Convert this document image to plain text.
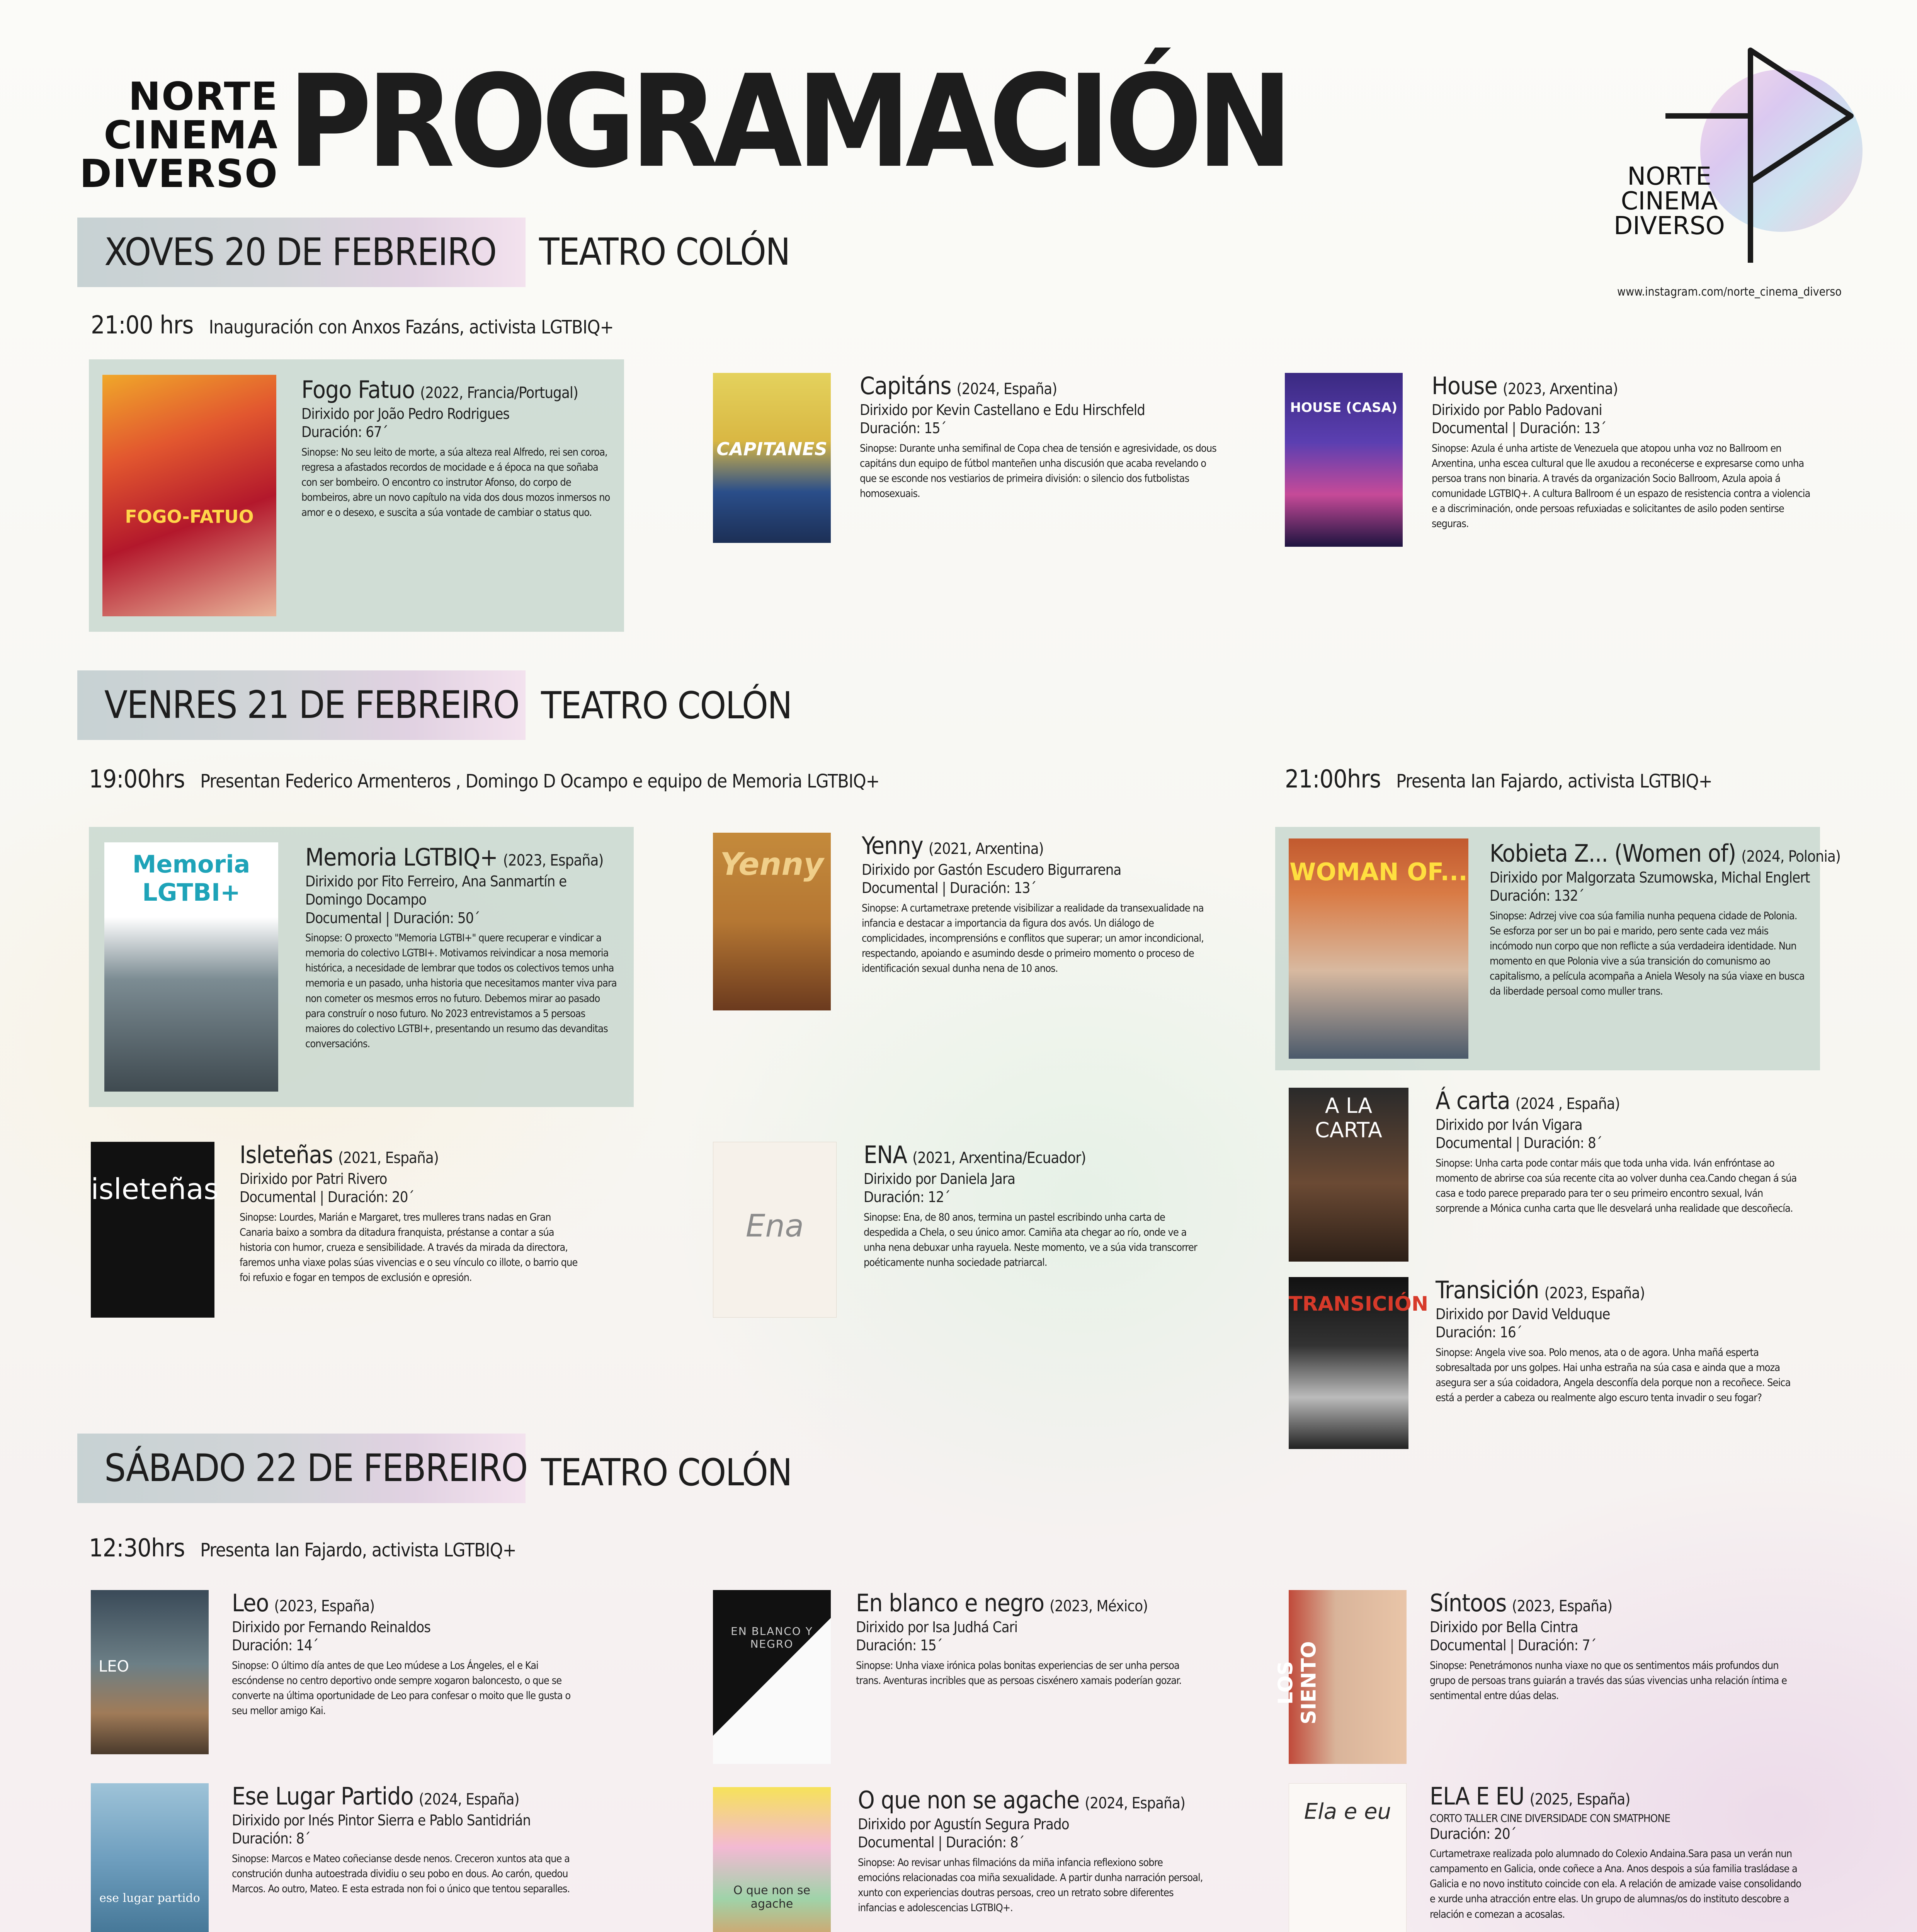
NORTE
CINEMA
DIVERSO PROGRAMACIÓN	NORTE
CINEMA
DIVERSO
www.instagram.com/norte_cinema_diverso
XOVES 20 DE FEBREIRO	TEATRO COLÓN
21:00 hrs Inauguración con Anxos Fazáns, activista LGTBIQ+
FOGO-FATUO
Fogo Fatuo (2022, Francia/Portugal)
Dirixido por João Pedro Rodrigues
Duración: 67´
Sinopse: No seu leito de morte, a súa alteza real Alfredo, rei sen coroa, regresa a afastados recordos de mocidade e á época na que soñaba con ser bombeiro. O encontro co instrutor Afonso, do corpo de bombeiros, abre un novo capítulo na vida dos dous mozos inmersos no amor e o desexo, e suscita a súa vontade de cambiar o status quo.
CAPITANES
Capitáns (2024, España)
Dirixido por Kevin Castellano e Edu Hirschfeld
Duración: 15´
Sinopse: Durante unha semifinal de Copa chea de tensión e agresividade, os dous capitáns dun equipo de fútbol manteñen unha discusión que acaba revelando o que se esconde nos vestiarios de primeira división: o silencio dos futbolistas homosexuais.
HOUSE (CASA)
House (2023, Arxentina)
Dirixido por Pablo Padovani
Documental | Duración: 13´
Sinopse: Azula é unha artiste de Venezuela que atopou unha voz no Ballroom en Arxentina, unha escea cultural que lle axudou a reconécerse e expresarse como unha persoa trans non binaria. A través da organización Socio Ballroom, Azula apoia á comunidade LGTBIQ+. A cultura Ballroom é un espazo de resistencia contra a violencia e a discriminación, onde persoas refuxiadas e solicitantes de asilo poden sentirse seguras.
VENRES 21 DE FEBREIRO TEATRO COLÓN
19:00hrs Presentan Federico Armenteros , Domingo D Ocampo e equipo de Memoria LGTBIQ+	21:00hrs Presenta Ian Fajardo, activista LGTBIQ+
Memoria LGTBI+
Memoria LGTBIQ+ (2023, España)
Dirixido por Fito Ferreiro, Ana Sanmartín e Domingo Docampo
Documental | Duración: 50´
Sinopse: O proxecto "Memoria LGTBI+" quere recuperar e vindicar a memoria do colectivo LGTBI+. Motivamos reivindicar a nosa memoria histórica, a necesidade de lembrar que todos os colectivos temos unha memoria e un pasado, unha historia que necesitamos manter viva para non cometer os mesmos erros no futuro. Debemos mirar ao pasado para construír o noso futuro. No 2023 entrevistamos a 5 persoas maiores do colectivo LGTBI+, presentando un resumo das devanditas conversacións.
Yenny
Yenny (2021, Arxentina)
Dirixido por Gastón Escudero Bigurrarena
Documental | Duración: 13´
Sinopse: A curtametraxe pretende visibilizar a realidade da transexualidade na infancia e destacar a importancia da figura dos avós. Un diálogo de complicidades, incomprensións e conflitos que superar; un amor incondicional, respectando, apoiando e asumindo desde o primeiro momento o proceso de identificación sexual dunha nena de 10 anos.
WOMAN OF...
Kobieta Z... (Women of) (2024, Polonia)
Dirixido por Malgorzata Szumowska, Michal Englert
Duración: 132´
Sinopse: Adrzej vive coa súa familia nunha pequena cidade de Polonia. Se esforza por ser un bo pai e marido, pero sente cada vez máis incómodo nun corpo que non reflicte a súa verdadeira identidade. Nun momento en que Polonia vive a súa transición do comunismo ao capitalismo, a película acompaña a Aniela Wesoly na súa viaxe en busca da liberdade persoal como muller trans.
isleteñas
Isleteñas (2021, España)
Dirixido por Patri Rivero
Documental | Duración: 20´
Sinopse: Lourdes, Marián e Margaret, tres mulleres trans nadas en Gran Canaria baixo a sombra da ditadura franquista, préstanse a contar a súa historia con humor, crueza e sensibilidade. A través da mirada da directora, faremos unha viaxe polas súas vivencias e o seu vínculo co illote, o barrio que foi refuxio e fogar en tempos de exclusión e opresión.
Ena
ENA (2021, Arxentina/Ecuador)
Dirixido por Daniela Jara
Duración: 12´
Sinopse: Ena, de 80 anos, termina un pastel escribindo unha carta de despedida a Chela, o seu único amor. Camiña ata chegar ao río, onde ve a unha nena debuxar unha rayuela. Neste momento, ve a súa vida transcorrer poéticamente nunha sociedade patriarcal.
A LA CARTA
Á carta (2024 , España)
Dirixido por Iván Vigara
Documental | Duración: 8´
Sinopse: Unha carta pode contar máis que toda unha vida. Iván enfróntase ao momento de abrirse coa súa recente cita ao volver dunha cea.Cando chegan á súa casa e todo parece preparado para ter o seu primeiro encontro sexual, Iván sorprende a Mónica cunha carta que lle desvelará unha realidade que descoñecía.
TRANSICIÓN Transición (2023, España)
Dirixido por David Velduque
Duración: 16´
Sinopse: Angela vive soa. Polo menos, ata o de agora. Unha mañá esperta sobresaltada por uns golpes. Hai unha estraña na súa casa e ainda que a moza asegura ser a súa coidadora, Angela desconfía dela porque non a recoñece. Seica está a perder a cabeza ou realmente algo escuro tenta invadir o seu fogar?
SÁBADO 22 DE FEBREIRO TEATRO COLÓN
12:30hrs Presenta Ian Fajardo, activista LGTBIQ+
LEO
Leo (2023, España)
Dirixido por Fernando Reinaldos
Duración: 14´
Sinopse: O último día antes de que Leo múdese a Los Ángeles, el e Kai escóndense no centro deportivo onde sempre xogaron baloncesto, o que se converte na última oportunidade de Leo para confesar o moito que lle gusta o seu mellor amigo Kai.
EN BLANCO Y NEGRO
En blanco e negro (2023, México)
Dirixido por Isa Judhá Cari
Duración: 15´
Sinopse: Unha viaxe irónica polas bonitas experiencias de ser unha persoa trans. Aventuras incribles que as persoas cisxénero xamais poderían gozar.	LOS SIENTO
Síntoos (2023, España)
Dirixido por Bella Cintra
Documental | Duración: 7´
Sinopse: Penetrámonos nunha viaxe no que os sentimentos máis profundos dun grupo de persoas trans guiarán a través das súas vivencias unha relación íntima e sentimental entre dúas delas.
ese lugar partido
Ese Lugar Partido (2024, España)
Dirixido por Inés Pintor Sierra e Pablo Santidrián
Duración: 8´
Sinopse: Marcos e Mateo coñecianse desde nenos. Creceron xuntos ata que a construción dunha autoestrada dividiu o seu pobo en dous. Ao carón, quedou Marcos. Ao outro, Mateo. E esta estrada non foi o único que tentou separalles.	O que non se agache
O que non se agache (2024, España)
Dirixido por Agustín Segura Prado
Documental | Duración: 8´
Sinopse: Ao revisar unhas filmacións da miña infancia reflexiono sobre emocións relacionadas coa miña sexualidade. A partir dunha narración persoal, xunto con experiencias doutras persoas, creo un retrato sobre diferentes infancias e adolescencias LGTBIQ+.
Ela e eu
ELA E EU (2025, España)
CORTO TALLER CINE DIVERSIDADE CON SMATPHONE
Duración: 20´
Curtametraxe realizada polo alumnado do Colexio Andaina.Sara pasa un verán nun campamento en Galicia, onde coñece a Ana. Anos despois a súa familia trasládase a Galicia e no novo instituto coincide con ela. A relación de amizade vaise consolidando e xurde unha atracción entre elas. Un grupo de alumnas/os do instituto descobre a relación e comezan a acosalas.
